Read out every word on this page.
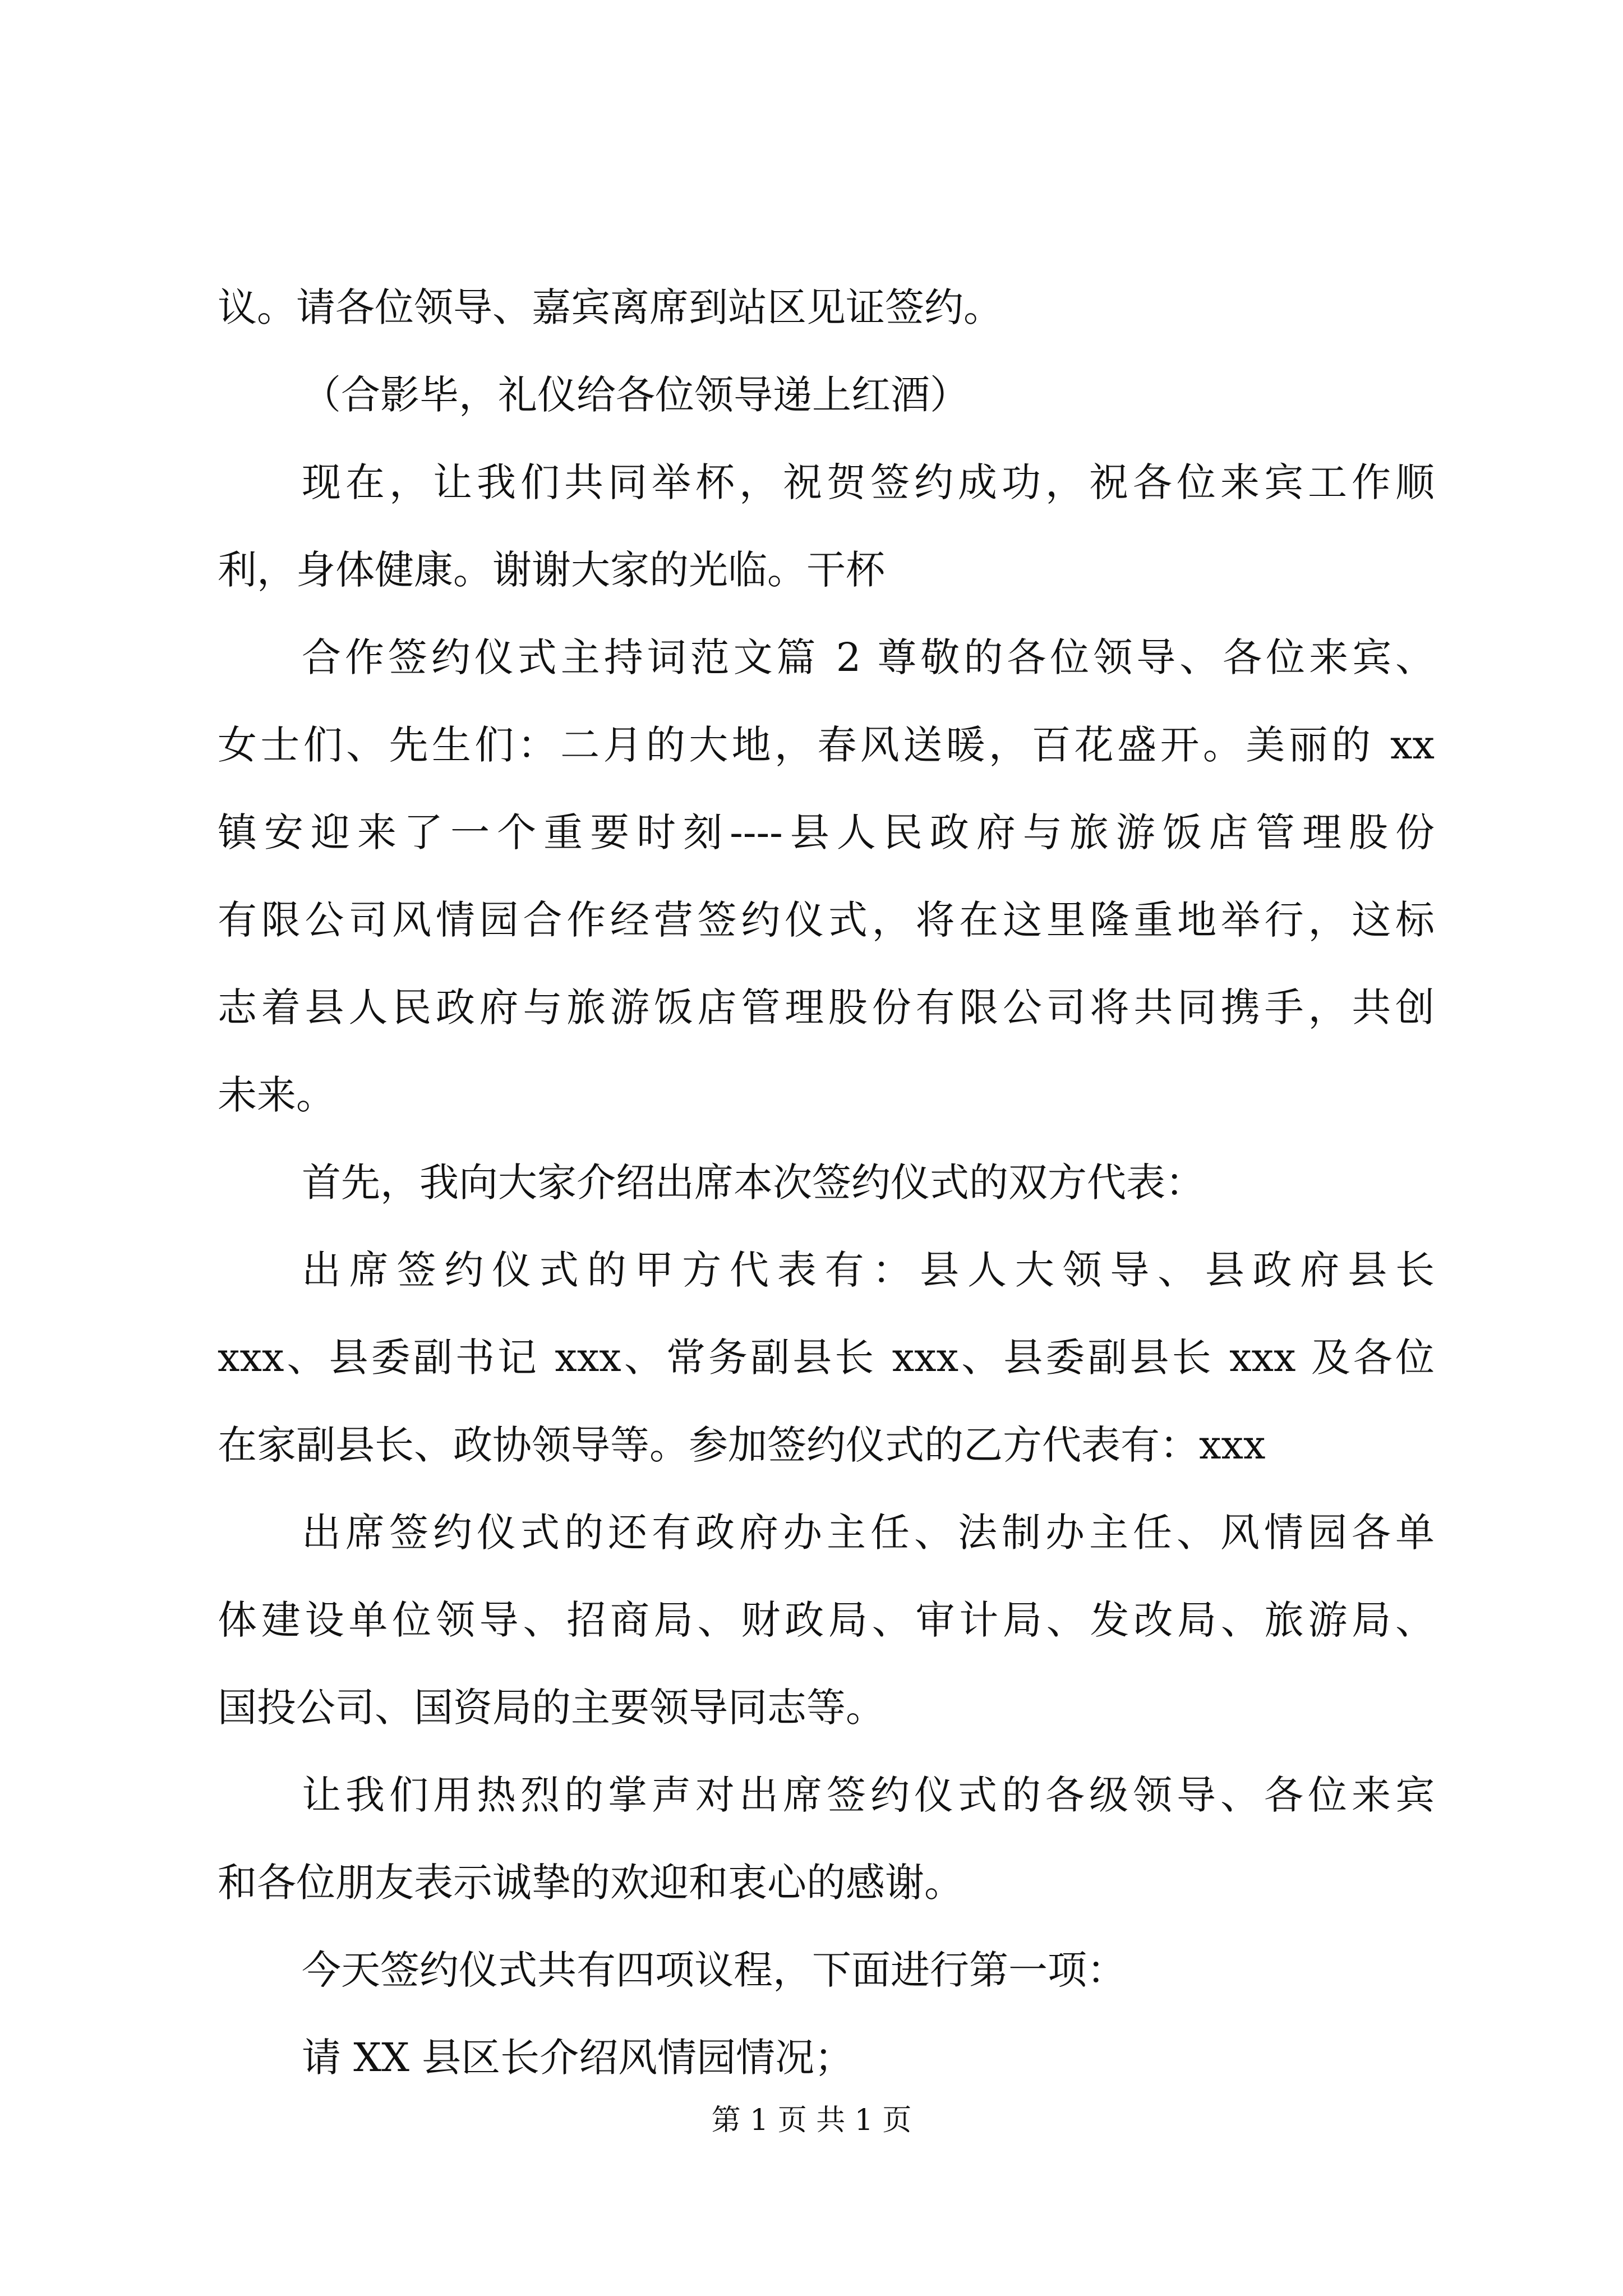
议。请各位领导、嘉宾离席到站区见证签约。
（合影毕，礼仪给各位领导递上红酒）
现在，让我们共同举杯，祝贺签约成功，祝各位来宾工作顺
利，身体健康。谢谢大家的光临。干杯
合作签约仪式主持词范文篇 2 尊敬的各位领导、各位来宾、
女士们、先生们：二月的大地，春风送暖，百花盛开。美丽的 xx
镇安迎来了一个重要时刻----县人民政府与旅游饭店管理股份
有限公司风情园合作经营签约仪式，将在这里隆重地举行，这标
志着县人民政府与旅游饭店管理股份有限公司将共同携手，共创
未来。
首先，我向大家介绍出席本次签约仪式的双方代表：
出席签约仪式的甲方代表有：县人大领导、县政府县长
xxx、县委副书记 xxx、常务副县长 xxx、县委副县长 xxx 及各位
在家副县长、政协领导等。参加签约仪式的乙方代表有：xxx
出席签约仪式的还有政府办主任、法制办主任、风情园各单
体建设单位领导、招商局、财政局、审计局、发改局、旅游局、
国投公司、国资局的主要领导同志等。
让我们用热烈的掌声对出席签约仪式的各级领导、各位来宾
和各位朋友表示诚挚的欢迎和衷心的感谢。
今天签约仪式共有四项议程，下面进行第一项：
请 XX 县区长介绍风情园情况；
第 1 页 共 1 页
